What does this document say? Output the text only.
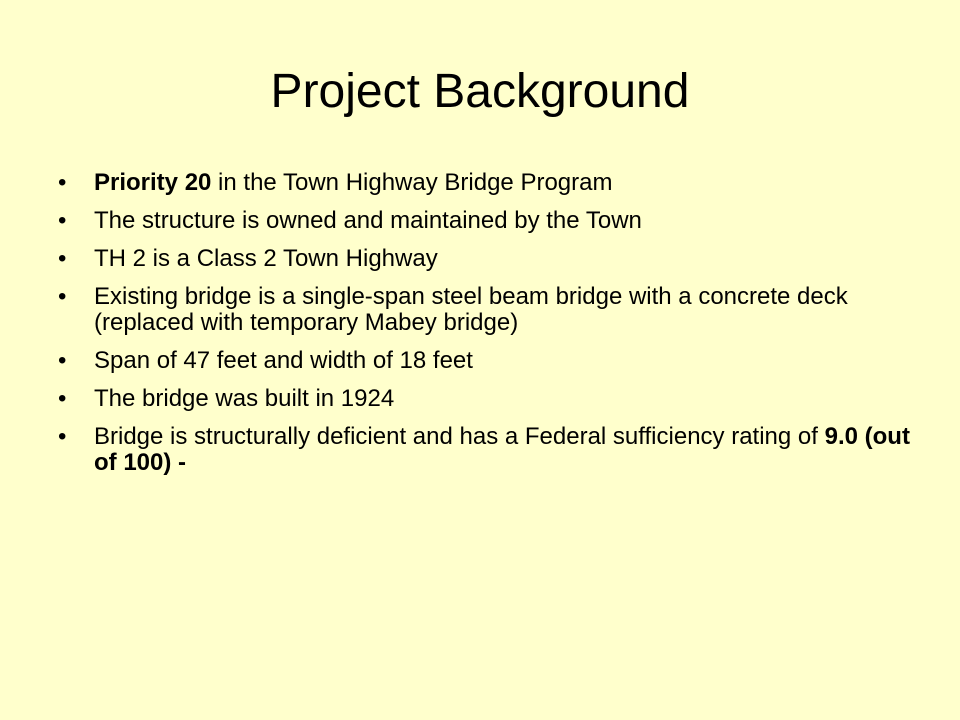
Project Background
•	Priority 20 in the Town Highway Bridge Program
•	The structure is owned and maintained by the Town
•	TH 2 is a Class 2 Town Highway
•	Existing bridge is a single-span steel beam bridge with a concrete deck (replaced with temporary Mabey bridge)
•	Span of 47 feet and width of 18 feet
•	The bridge was built in 1924
•	Bridge is structurally deficient and has a Federal sufficiency rating of 9.0 (out of 100) -
